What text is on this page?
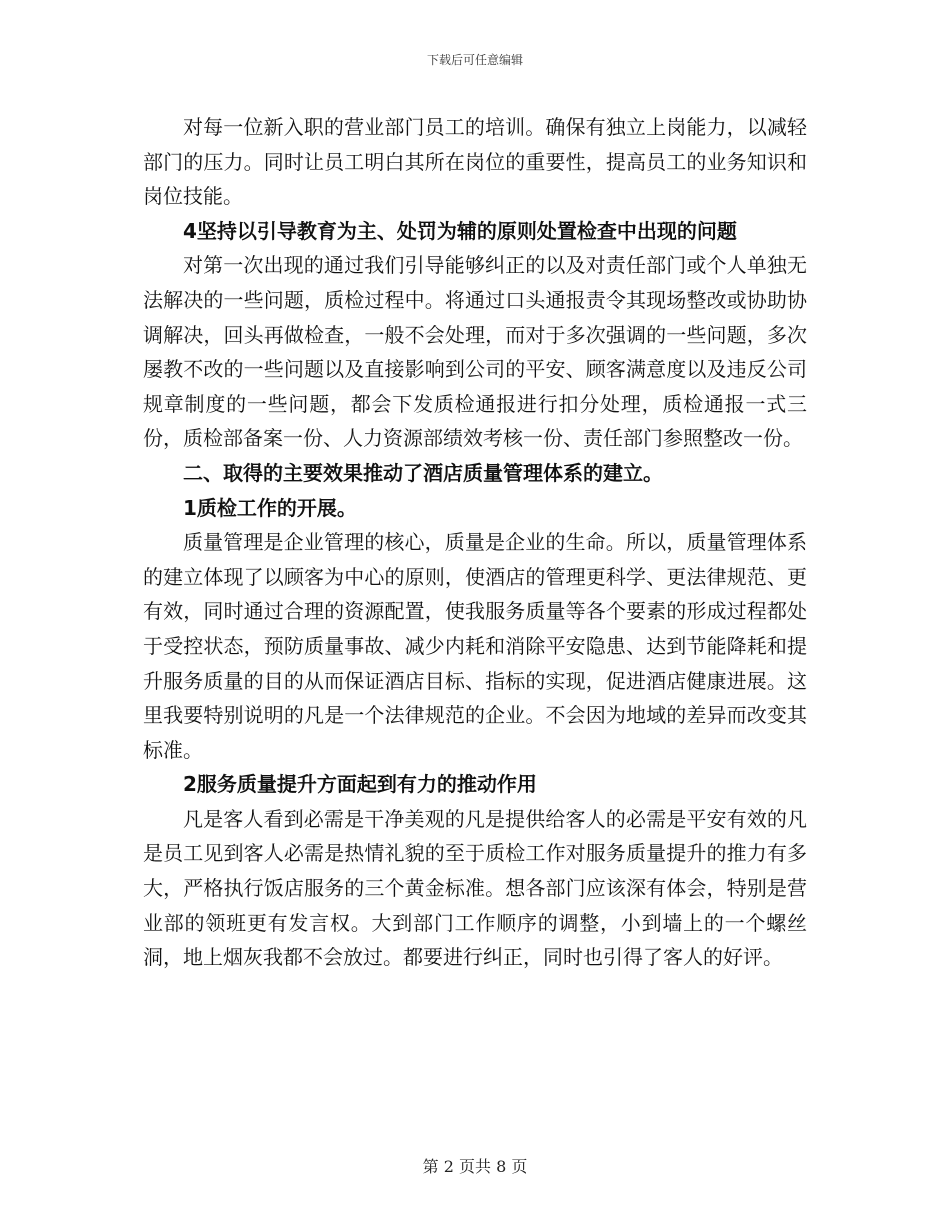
下载后可任意编辑

对每一位新入职的营业部门员工的培训。确保有独立上岗能力，以减轻部门的压力。同时让员工明白其所在岗位的重要性，提高员工的业务知识和岗位技能。

4坚持以引导教育为主、处罚为辅的原则处置检查中出现的问题

对第一次出现的通过我们引导能够纠正的以及对责任部门或个人单独无法解决的一些问题，质检过程中。将通过口头通报责令其现场整改或协助协调解决，回头再做检查，一般不会处理，而对于多次强调的一些问题，多次屡教不改的一些问题以及直接影响到公司的平安、顾客满意度以及违反公司规章制度的一些问题，都会下发质检通报进行扣分处理，质检通报一式三份，质检部备案一份、人力资源部绩效考核一份、责任部门参照整改一份。

二、取得的主要效果推动了酒店质量管理体系的建立。

1质检工作的开展。

质量管理是企业管理的核心，质量是企业的生命。所以，质量管理体系的建立体现了以顾客为中心的原则，使酒店的管理更科学、更法律规范、更有效，同时通过合理的资源配置，使我服务质量等各个要素的形成过程都处于受控状态，预防质量事故、减少内耗和消除平安隐患、达到节能降耗和提升服务质量的目的从而保证酒店目标、指标的实现，促进酒店健康进展。这里我要特别说明的凡是一个法律规范的企业。不会因为地域的差异而改变其标准。

2服务质量提升方面起到有力的推动作用

凡是客人看到必需是干净美观的凡是提供给客人的必需是平安有效的凡是员工见到客人必需是热情礼貌的至于质检工作对服务质量提升的推力有多大，严格执行饭店服务的三个黄金标准。想各部门应该深有体会，特别是营业部的领班更有发言权。大到部门工作顺序的调整，小到墙上的一个螺丝洞，地上烟灰我都不会放过。都要进行纠正，同时也引得了客人的好评。

第 2 页共 8 页
